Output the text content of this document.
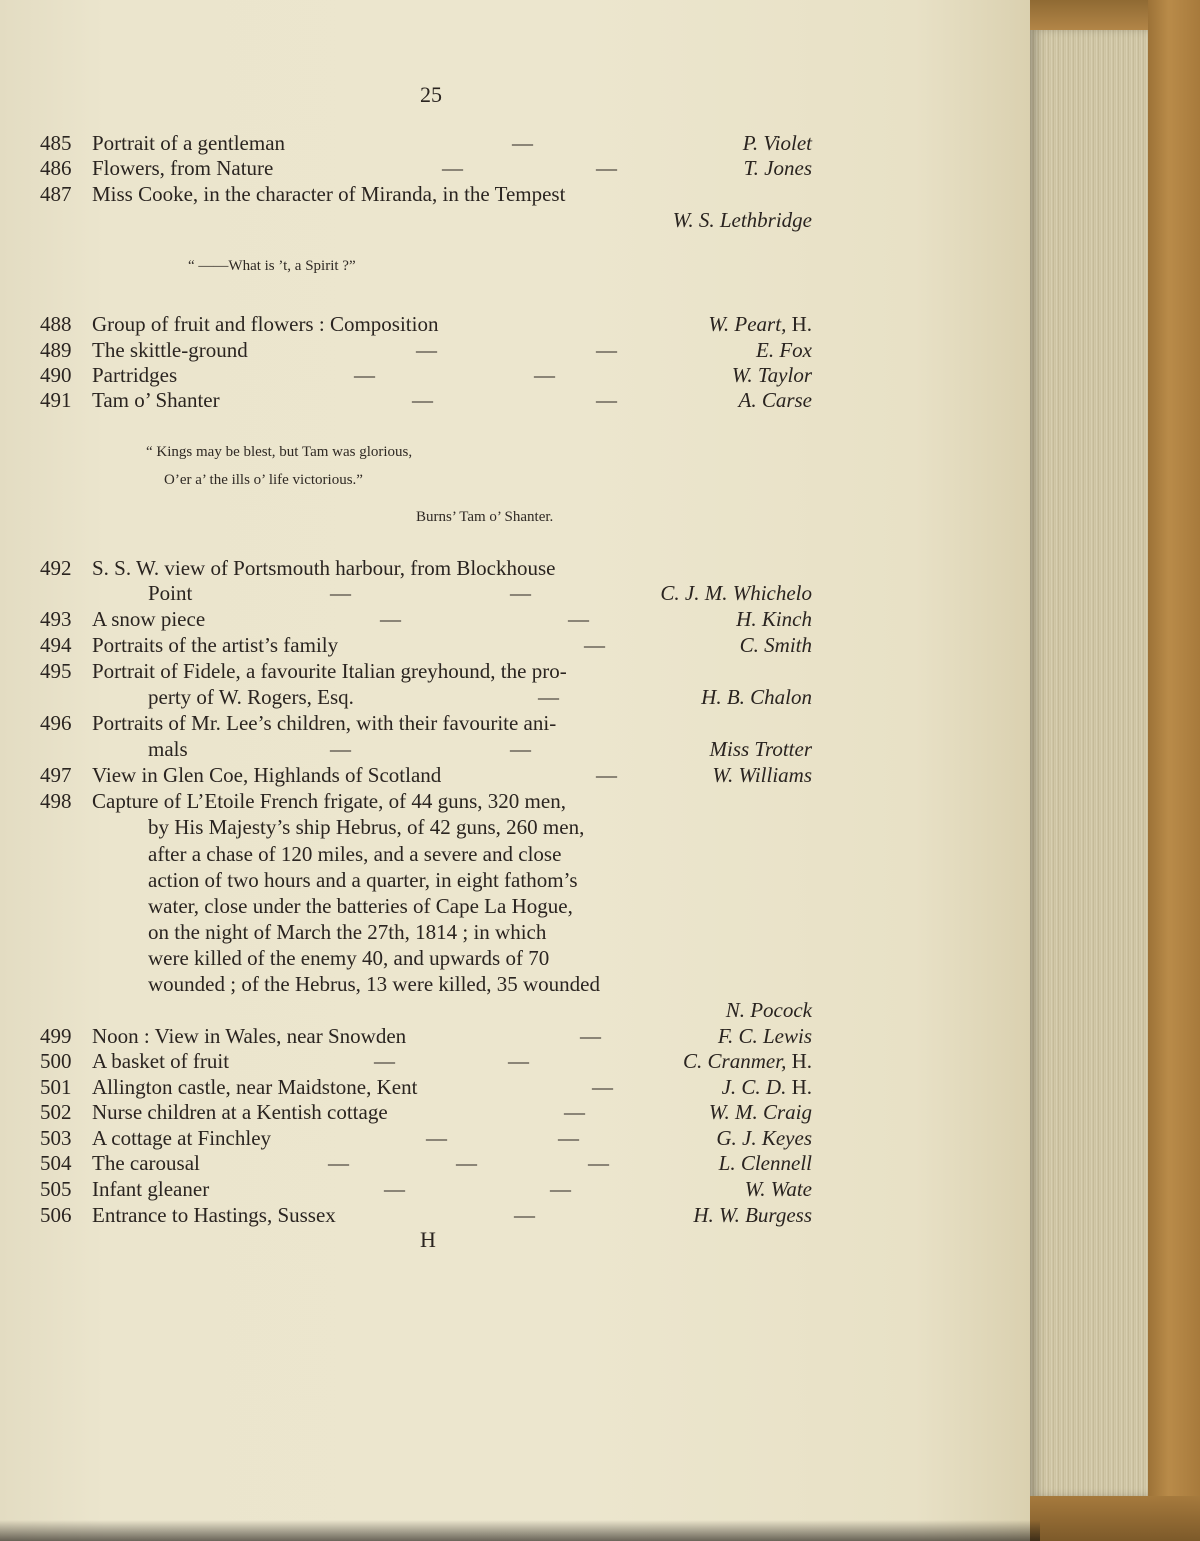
25
485 Portrait of a gentleman	—	P. Violet
486 Flowers, from Nature	—	—	T. Jones
487 Miss Cooke, in the character of Miranda, in the Tempest
W. S. Lethbridge
“ ——What is ’t, a Spirit ?”
488 Group of fruit and flowers : Composition	W. Peart, H.
489 The skittle-ground	—	—	E. Fox
490 Partridges	—	—	W. Taylor
491 Tam o’ Shanter	—	—	A. Carse
“ Kings may be blest, but Tam was glorious,
O’er a’ the ills o’ life victorious.”
Burns’ Tam o’ Shanter.
492 S. S. W. view of Portsmouth harbour, from Blockhouse
Point	—	—	C. J. M. Whichelo
493 A snow piece	—	—	H. Kinch
494 Portraits of the artist’s family	—	C. Smith
495 Portrait of Fidele, a favourite Italian greyhound, the pro-
perty of W. Rogers, Esq.	—	H. B. Chalon
496 Portraits of Mr. Lee’s children, with their favourite ani-
mals	—	—	Miss Trotter
497 View in Glen Coe, Highlands of Scotland	—	W. Williams
498 Capture of L’Etoile French frigate, of 44 guns, 320 men,
by His Majesty’s ship Hebrus, of 42 guns, 260 men,
after a chase of 120 miles, and a severe and close
action of two hours and a quarter, in eight fathom’s
water, close under the batteries of Cape La Hogue,
on the night of March the 27th, 1814 ; in which
were killed of the enemy 40, and upwards of 70
wounded ; of the Hebrus, 13 were killed, 35 wounded
N. Pocock
499 Noon : View in Wales, near Snowden	—	F. C. Lewis
500 A basket of fruit	—	—	C. Cranmer, H.
501 Allington castle, near Maidstone, Kent	—	J. C. D. H.
502 Nurse children at a Kentish cottage	—	W. M. Craig
503 A cottage at Finchley	—	—	G. J. Keyes
504 The carousal	—	—	—	L. Clennell
505 Infant gleaner	—	—	W. Wate
506 Entrance to Hastings, Sussex	—	H. W. Burgess
H
